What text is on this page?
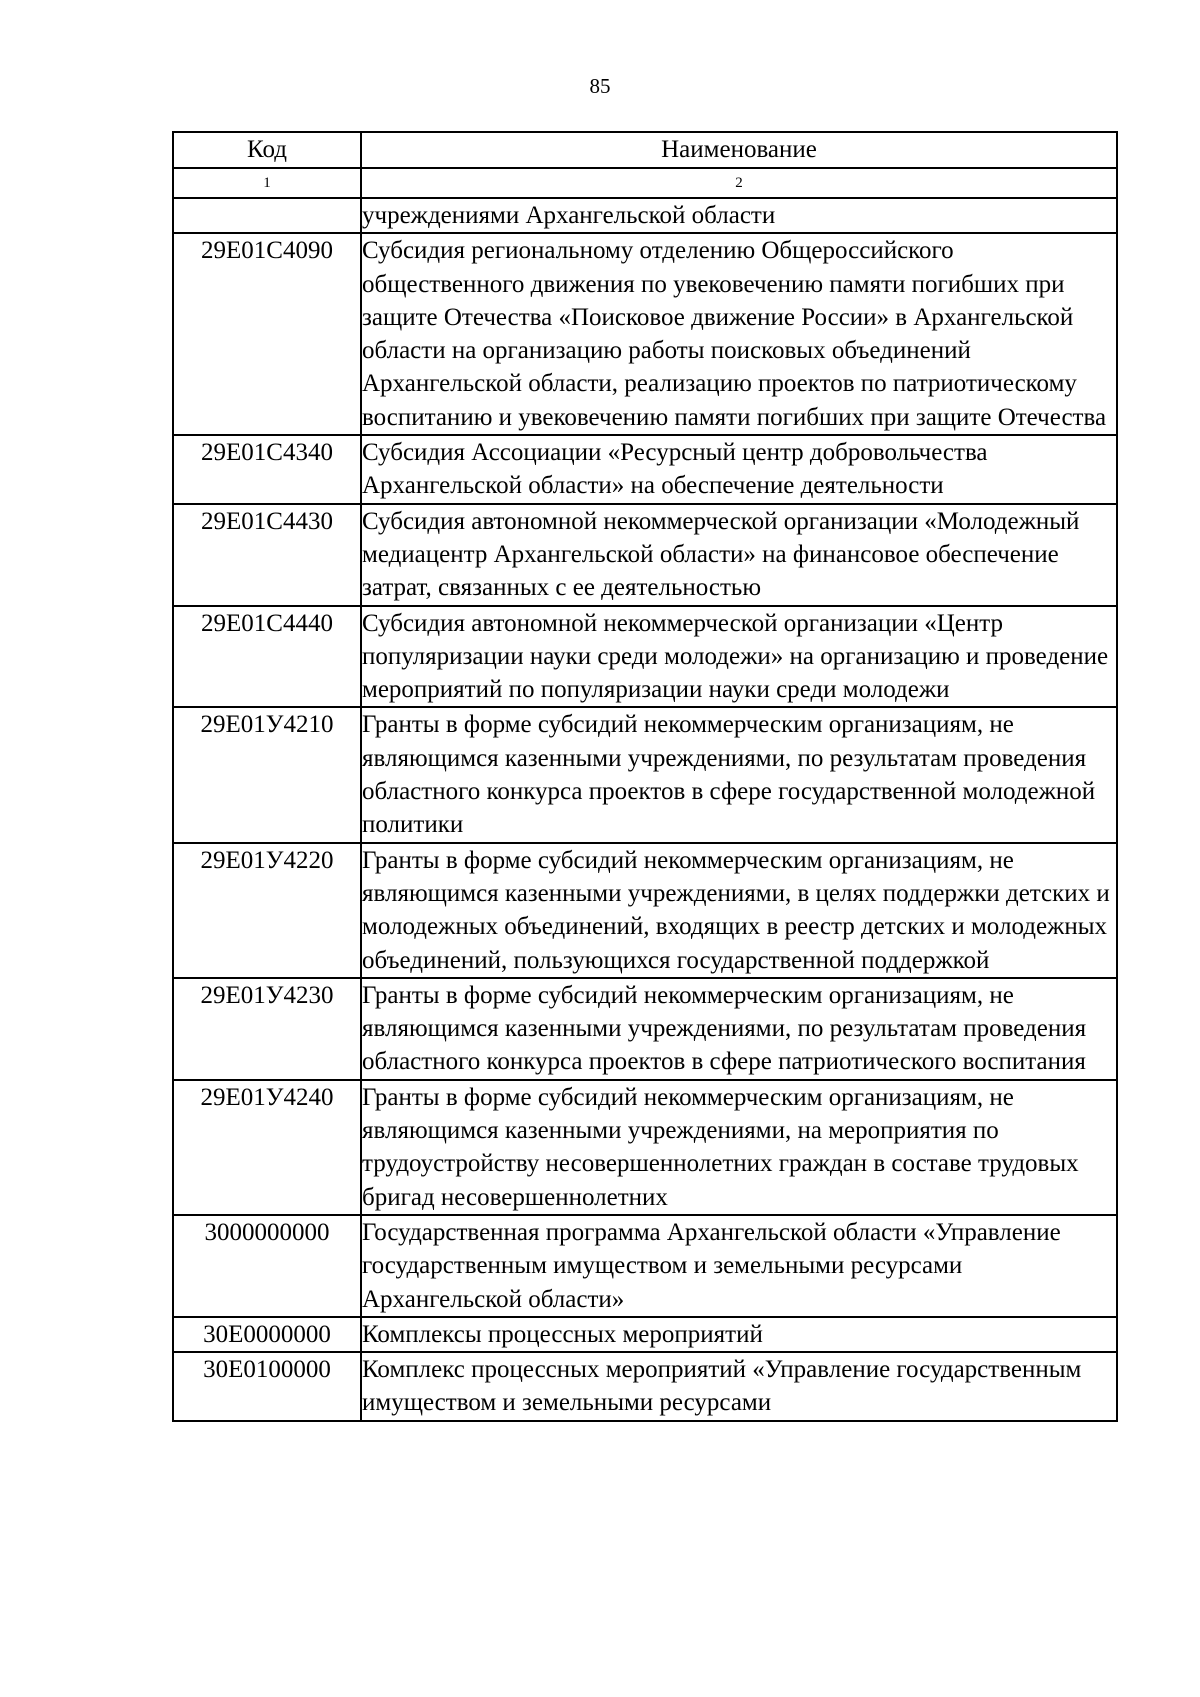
85
Код	Наименование
1	2
	учреждениями Архангельской области
29Е01С4090	Субсидия региональному отделению Общероссийского общественного движения по увековечению памяти погибших при защите Отечества «Поисковое движение России» в Архангельской области на организацию работы поисковых объединений Архангельской области, реализацию проектов по патриотическому воспитанию и увековечению памяти погибших при защите Отечества
29Е01С4340	Субсидия Ассоциации «Ресурсный центр добровольчества Архангельской области» на обеспечение деятельности
29Е01С4430	Субсидия автономной некоммерческой организации «Молодежный медиацентр Архангельской области» на финансовое обеспечение затрат, связанных с ее деятельностью
29Е01С4440	Субсидия автономной некоммерческой организации «Центр популяризации науки среди молодежи» на организацию и проведение мероприятий по популяризации науки среди молодежи
29Е01У4210	Гранты в форме субсидий некоммерческим организациям, не являющимся казенными учреждениями, по результатам проведения областного конкурса проектов в сфере государственной молодежной политики
29Е01У4220	Гранты в форме субсидий некоммерческим организациям, не являющимся казенными учреждениями, в целях поддержки детских и молодежных объединений, входящих в реестр детских и молодежных объединений, пользующихся государственной поддержкой
29Е01У4230	Гранты в форме субсидий некоммерческим организациям, не являющимся казенными учреждениями, по результатам проведения областного конкурса проектов в сфере патриотического воспитания
29Е01У4240	Гранты в форме субсидий некоммерческим организациям, не являющимся казенными учреждениями, на мероприятия по трудоустройству несовершеннолетних граждан в составе трудовых бригад несовершеннолетних
3000000000	Государственная программа Архангельской области «Управление государственным имуществом и земельными ресурсами Архангельской области»
30Е0000000	Комплексы процессных мероприятий
30Е0100000	Комплекс процессных мероприятий «Управление государственным имуществом и земельными ресурсами
